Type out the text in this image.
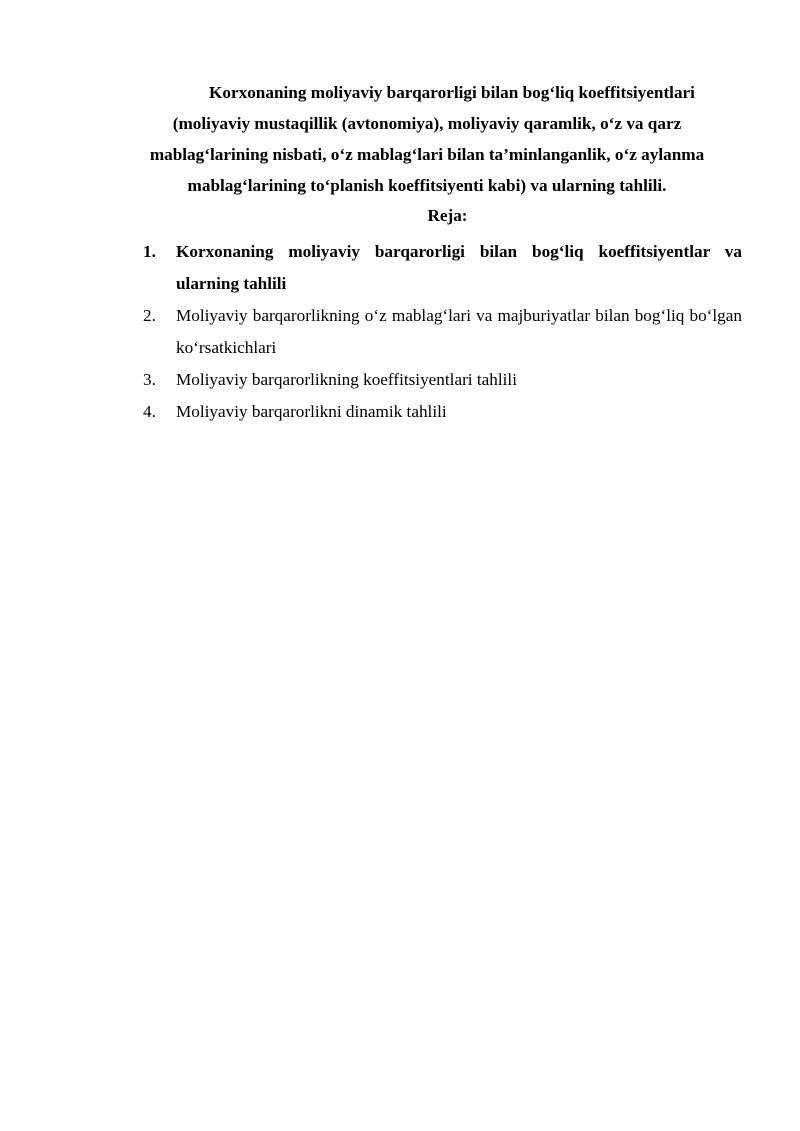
Korxonaning moliyaviy barqarorligi bilan bog‘liq koeffitsiyentlari
(moliyaviy mustaqillik (avtonomiya), moliyaviy qaramlik, o‘z va qarz
mablag‘larining nisbati, o‘z mablag‘lari bilan ta’minlanganlik, o‘z aylanma
mablag‘larining to‘planish koeffitsiyenti kabi) va ularning tahlili.
Reja:
1. Korxonaning moliyaviy barqarorligi bilan bog‘liq koeffitsiyentlar va ularning tahlili
2. Moliyaviy barqarorlikning o‘z mablag‘lari va majburiyatlar bilan bog‘liq bo‘lgan ko‘rsatkichlari
3. Moliyaviy barqarorlikning koeffitsiyentlari tahlili
4. Moliyaviy barqarorlikni dinamik tahlili
